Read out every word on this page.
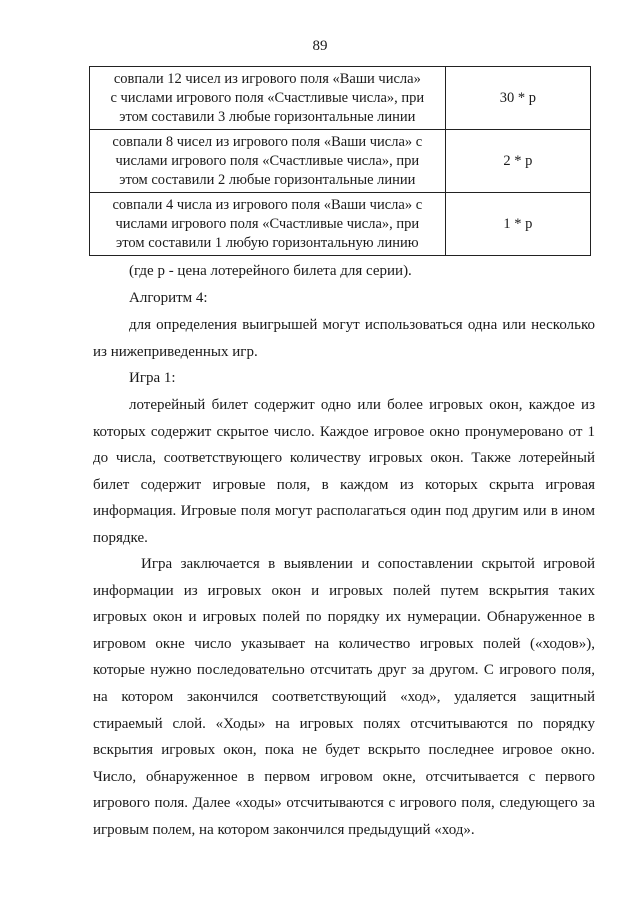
89
совпали 12 чисел из игрового поля «Ваши числа»
с числами игрового поля «Счастливые числа», при
этом составили 3 любые горизонтальные линии	30 * p

совпали 8 чисел из игрового поля «Ваши числа» с
числами игрового поля «Счастливые числа», при
этом составили 2 любые горизонтальные линии	2 * p

совпали 4 числа из игрового поля «Ваши числа» с
числами игрового поля «Счастливые числа», при
этом составили 1 любую горизонтальную линию	1 * p

(где p - цена лотерейного билета для серии).

Алгоритм 4:

для определения выигрышей могут использоваться одна или несколько из нижеприведенных игр.

Игра 1:

лотерейный билет содержит одно или более игровых окон, каждое из которых содержит скрытое число. Каждое игровое окно пронумеровано от 1 до числа, соответствующего количеству игровых окон. Также лотерейный билет содержит игровые поля, в каждом из которых скрыта игровая информация. Игровые поля могут располагаться один под другим или в ином порядке.

Игра заключается в выявлении и сопоставлении скрытой игровой информации из игровых окон и игровых полей путем вскрытия таких игровых окон и игровых полей по порядку их нумерации. Обнаруженное в игровом окне число указывает на количество игровых полей («ходов»), которые нужно последовательно отсчитать друг за другом. С игрового поля, на котором закончился соответствующий «ход», удаляется защитный стираемый слой. «Ходы» на игровых полях отсчитываются по порядку вскрытия игровых окон, пока не будет вскрыто последнее игровое окно. Число, обнаруженное в первом игровом окне, отсчитывается с первого игрового поля. Далее «ходы» отсчитываются с игрового поля, следующего за игровым полем, на котором закончился предыдущий «ход».
